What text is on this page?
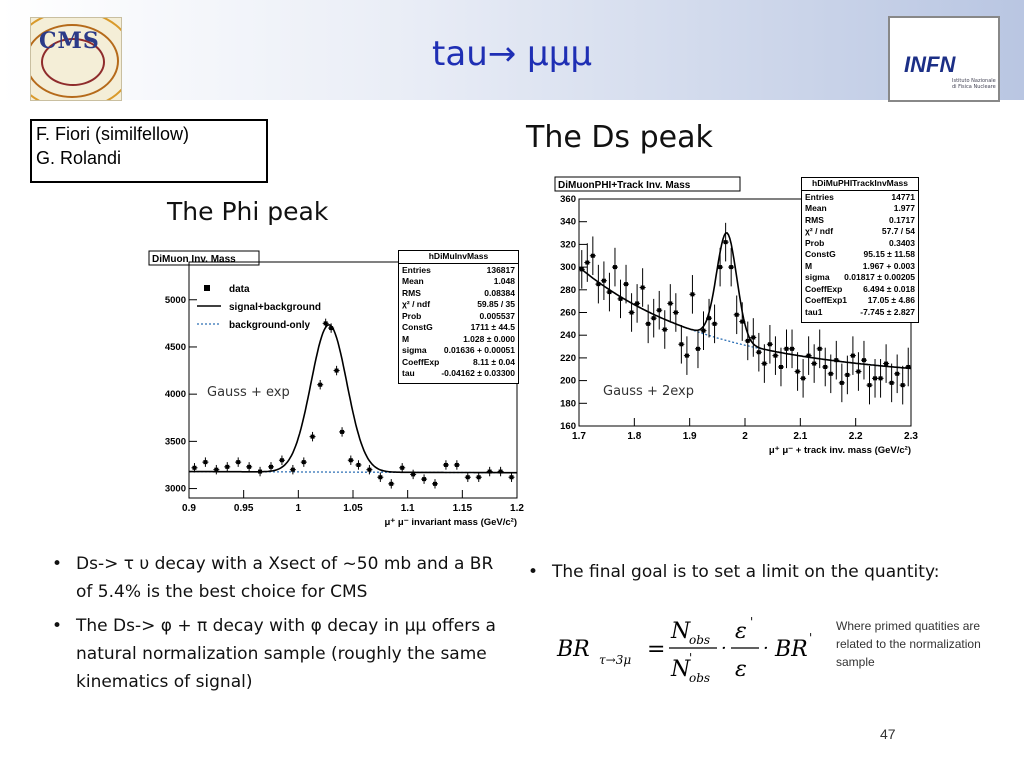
CMS	tau→ μμμ	INFN
Istituto Nazionale di Fisica Nucleare
F. Fiori (similfellow)
G. Rolandi
The Phi peak
The Ds peak
DiMuon Inv. Mass
0.9	0.95	1	1.05	1.1	1.15	1.2
3000
3500
4000
4500
5000
μ⁺ μ⁻ invariant mass (GeV/c²)
Gauss + exp
data
signal+background
background-only
hDiMuInvMass
Entries	136817
Mean	1.048
RMS	0.08384
χ² / ndf	59.85 / 35
Prob	0.005537
ConstG	1711 ± 44.5
M	1.028 ± 0.000
sigma 0.01636 + 0.00051
CoeffExp	8.11 ± 0.04
tau	-0.04162 ± 0.03300
DiMuonPHI+Track Inv. Mass
1.7	1.8	1.9	2	2.1	2.2	2.3
160
180
200
220
240
260
280
300
320
340
360
μ⁺ μ⁻ + track inv. mass (GeV/c²)
Gauss + 2exp
hDiMuPHITrackInvMass
Entries	14771
Mean	1.977
RMS	0.1717
χ² / ndf	57.7 / 54
Prob	0.3403
ConstG	95.15 ± 11.58
M	1.967 + 0.003
sigma 0.01817 ± 0.00205
CoeffExp 6.494 ± 0.018
CoeffExp1 17.05 ± 4.86
tau1	-7.745 ± 2.827
• Ds-> τ υ decay with a Xsect of ~50 mb and a BR of 5.4% is the best choice for CMS
• The Ds-> φ + π decay with φ decay in μμ offers a natural normalization sample (roughly the same kinematics of signal)
• The final goal is to set a limit on the quantity:
BR τ→3μ =
N
obs
N
'
obs
·
ε '
ε
· BR '
Where primed quatities are related to the normalization sample
47
